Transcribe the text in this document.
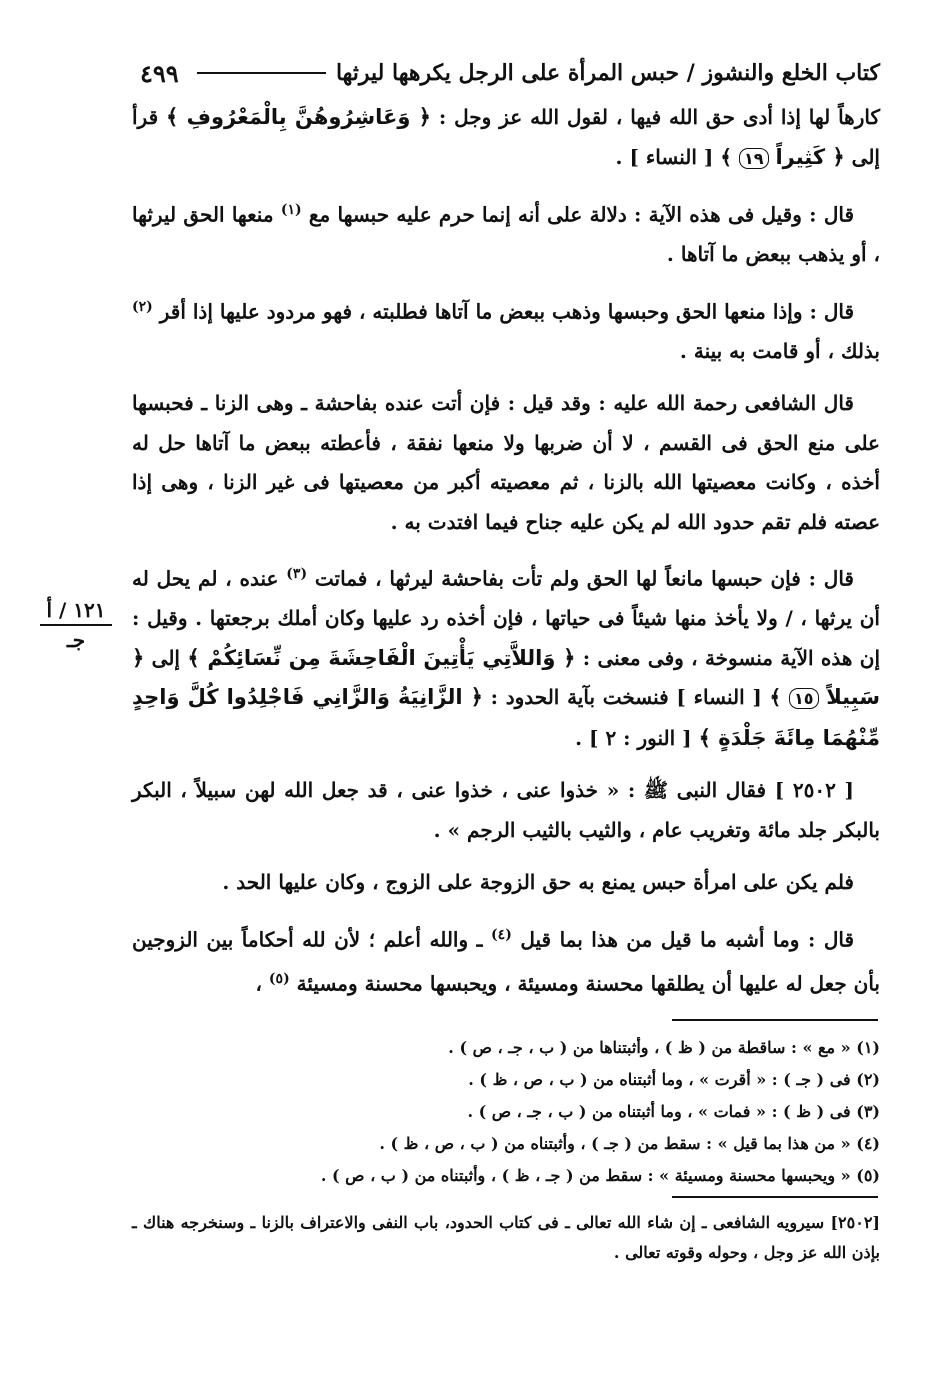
٤٩٩	كتاب الخلع والنشوز / حبس المرأة على الرجل يكرهها ليرثها
١٢١ / أ
جـ

كارهاً لها إذا أدى حق الله فيها ، لقول الله عز وجل : ﴿ وَعَاشِرُوهُنَّ بِالْمَعْرُوفِ ﴾ قرأ إلى ﴿ كَثِيراً ١٩ ﴾ [ النساء ] .

قال : وقيل فى هذه الآية : دلالة على أنه إنما حرم عليه حبسها مع $^{(١)}$ منعها الحق ليرثها ، أو يذهب ببعض ما آتاها .

قال : وإذا منعها الحق وحبسها وذهب ببعض ما آتاها فطلبته ، فهو مردود عليها إذا أقر $^{(٢)}$ بذلك ، أو قامت به بينة .

قال الشافعى رحمة الله عليه : وقد قيل : فإن أتت عنده بفاحشة ـ وهى الزنا ـ فحبسها على منع الحق فى القسم ، لا أن ضربها ولا منعها نفقة ، فأعطته ببعض ما آتاها حل له أخذه ، وكانت معصيتها الله بالزنا ، ثم معصيته أكبر من معصيتها فى غير الزنا ، وهى إذا عصته فلم تقم حدود الله لم يكن عليه جناح فيما افتدت به .

قال : فإن حبسها مانعاً لها الحق ولم تأت بفاحشة ليرثها ، فماتت $^{(٣)}$ عنده ، لم يحل له أن يرثها ، / ولا يأخذ منها شيئاً فى حياتها ، فإن أخذه رد عليها وكان أملك برجعتها . وقيل : إن هذه الآية منسوخة ، وفى معنى : ﴿ وَاللاَّتِي يَأْتِينَ الْفَاحِشَةَ مِن نِّسَائِكُمْ ﴾ إلى ﴿ سَبِيلاً ١٥ ﴾ [ النساء ] فنسخت بآية الحدود : ﴿ الزَّانِيَةُ وَالزَّانِي فَاجْلِدُوا كُلَّ وَاحِدٍ مِّنْهُمَا مِائَةَ جَلْدَةٍ ﴾ [ النور : ٢ ] .

[ ٢٥٠٢ ] فقال النبى ﷺ : « خذوا عنى ، خذوا عنى ، قد جعل الله لهن سبيلاً ، البكر بالبكر جلد مائة وتغريب عام ، والثيب بالثيب الرجم » .

فلم يكن على امرأة حبس يمنع به حق الزوجة على الزوج ، وكان عليها الحد .

قال : وما أشبه ما قيل من هذا بما قيل $^{(٤)}$ ـ والله أعلم ؛ لأن لله أحكاماً بين الزوجين بأن جعل له عليها أن يطلقها محسنة ومسيئة ، ويحبسها محسنة ومسيئة $^{(٥)}$ ،

(١) « مع » : ساقطة من ( ظ ) ، وأثبتناها من ( ب ، جـ ، ص ) .
(٢) فى ( جـ ) : « أقرت » ، وما أثبتناه من ( ب ، ص ، ظ ) .
(٣) فى ( ظ ) : « فمات » ، وما أثبتناه من ( ب ، جـ ، ص ) .
(٤) « من هذا بما قيل » : سقط من ( جـ ) ، وأثبتناه من ( ب ، ص ، ظ ) .
(٥) « ويحبسها محسنة ومسيئة » : سقط من ( جـ ، ظ ) ، وأثبتناه من ( ب ، ص ) .
[٢٥٠٢] سيرويه الشافعى ـ إن شاء الله تعالى ـ فى كتاب الحدود، باب النفى والاعتراف بالزنا ـ وسنخرجه هناك ـ بإذن الله عز وجل ، وحوله وقوته تعالى .
